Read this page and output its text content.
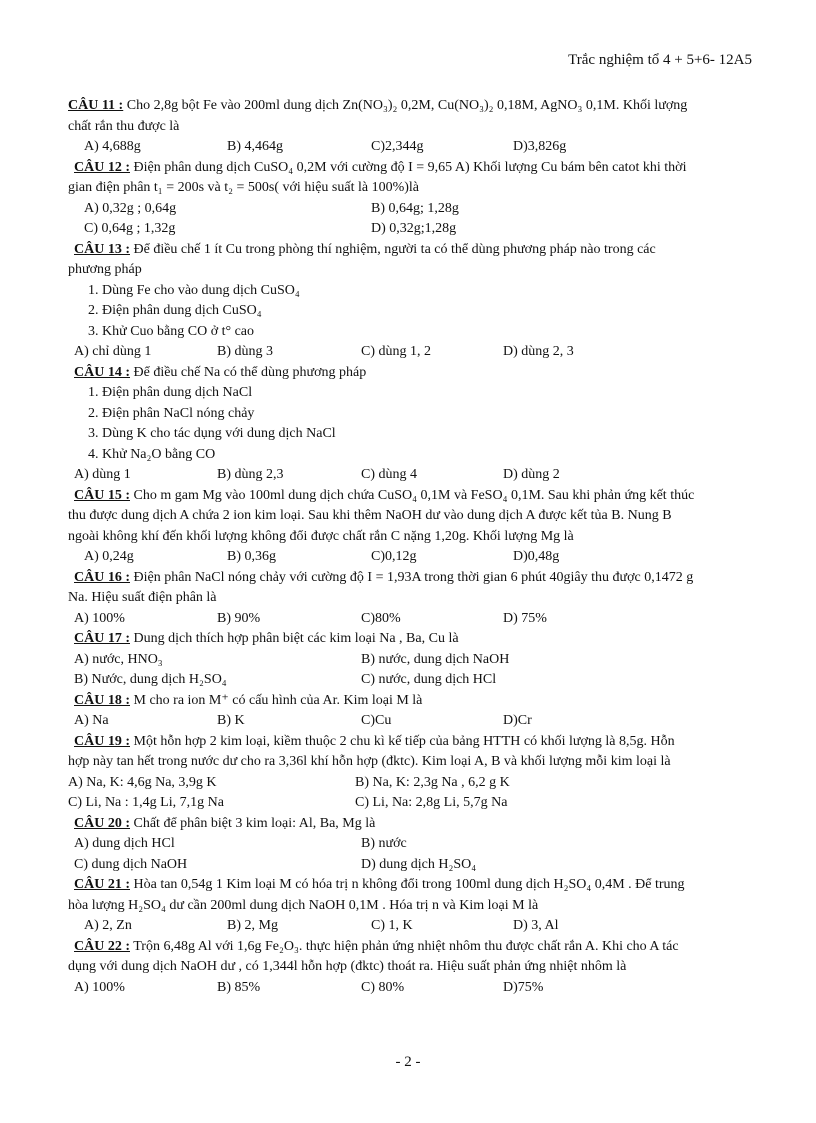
Trắc nghiệm tổ 4 + 5+6- 12A5
CÂU 11 : Cho 2,8g bột Fe vào 200ml dung dịch Zn(NO₃)₂ 0,2M, Cu(NO₃)₂ 0,18M, AgNO₃ 0,1M. Khối lượng
chất rắn thu được là
A) 4,688g	B) 4,464g	C)2,344g	D)3,826g
CÂU 12 : Điện phân dung dịch CuSO₄ 0,2M với cường độ I = 9,65 A) Khối lượng Cu bám bên catot khi thời
gian điện phân t₁ = 200s và t₂ = 500s( với hiệu suất là 100%)là
A) 0,32g ; 0,64g	B) 0,64g; 1,28g
C) 0,64g ; 1,32g	D) 0,32g;1,28g
CÂU 13 : Để điều chế 1 ít Cu trong phòng thí nghiệm, người ta có thể dùng phương pháp nào trong các
phương pháp
1. Dùng Fe cho vào dung dịch CuSO₄
2. Điện phân dung dịch CuSO₄
3. Khử Cuo bằng CO ở t° cao
A) chỉ dùng 1	B) dùng 3	C) dùng 1, 2	D) dùng 2, 3
CÂU 14 : Để điều chế Na có thể dùng phương pháp
1. Điện phân dung dịch NaCl
2. Điện phân NaCl nóng chảy
3. Dùng K cho tác dụng với dung dịch NaCl
4. Khử Na₂O bằng CO
A) dùng 1	B) dùng 2,3	C) dùng 4	D) dùng 2
CÂU 15 : Cho m gam Mg vào 100ml dung dịch chứa CuSO₄ 0,1M và FeSO₄ 0,1M. Sau khi phản ứng kết thúc
thu được dung dịch A chứa 2 ion kim loại. Sau khi thêm NaOH dư vào dung dịch A được kết tủa B. Nung B
ngoài không khí đến khối lượng không đổi được chất rắn C nặng 1,20g. Khối lượng Mg là
A) 0,24g	B) 0,36g	C)0,12g	D)0,48g
CÂU 16 : Điện phân NaCl nóng chảy với cường độ I = 1,93A trong thời gian 6 phút 40giây thu được 0,1472 g
Na. Hiệu suất điện phân là
A) 100%	B) 90%	C)80%	D) 75%
CÂU 17 : Dung dịch thích hợp phân biệt các kim loại Na , Ba, Cu là
A) nước, HNO₃	B) nước, dung dịch NaOH
B) Nước, dung dịch H₂SO₄	C) nước, dung dịch HCl
CÂU 18 : M cho ra ion M⁺ có cấu hình của Ar. Kim loại M là
A) Na	B) K	C)Cu	D)Cr
CÂU 19 : Một hỗn hợp 2 kim loại, kiềm thuộc 2 chu kì kế tiếp của bảng HTTH có khối lượng là 8,5g. Hỗn
hợp này tan hết trong nước dư cho ra 3,36l khí hỗn hợp (đktc). Kim loại A, B và khối lượng mỗi kim loại là
A) Na, K: 4,6g Na, 3,9g K	B) Na, K: 2,3g Na , 6,2 g K
C) Li, Na : 1,4g Li, 7,1g Na	C) Li, Na: 2,8g Li, 5,7g Na
CÂU 20 : Chất để phân biệt 3 kim loại: Al, Ba, Mg là
A) dung dịch HCl	B) nước
C) dung dịch NaOH	D) dung dịch H₂SO₄
CÂU 21 : Hòa tan 0,54g 1 Kim loại M có hóa trị n không đổi trong 100ml dung dịch H₂SO₄ 0,4M . Để trung
hòa lượng H₂SO₄ dư cần 200ml dung dịch NaOH 0,1M . Hóa trị n và Kim loại M là
A) 2, Zn	B) 2, Mg	C) 1, K	D) 3, Al
CÂU 22 : Trộn 6,48g Al với 1,6g Fe₂O₃. thực hiện phản ứng nhiệt nhôm thu được chất rắn A. Khi cho A tác
dụng với dung dịch NaOH dư , có 1,344l hỗn hợp (đktc) thoát ra. Hiệu suất phản ứng nhiệt nhôm là
A) 100%	B) 85%	C) 80%	D)75%
- 2 -
